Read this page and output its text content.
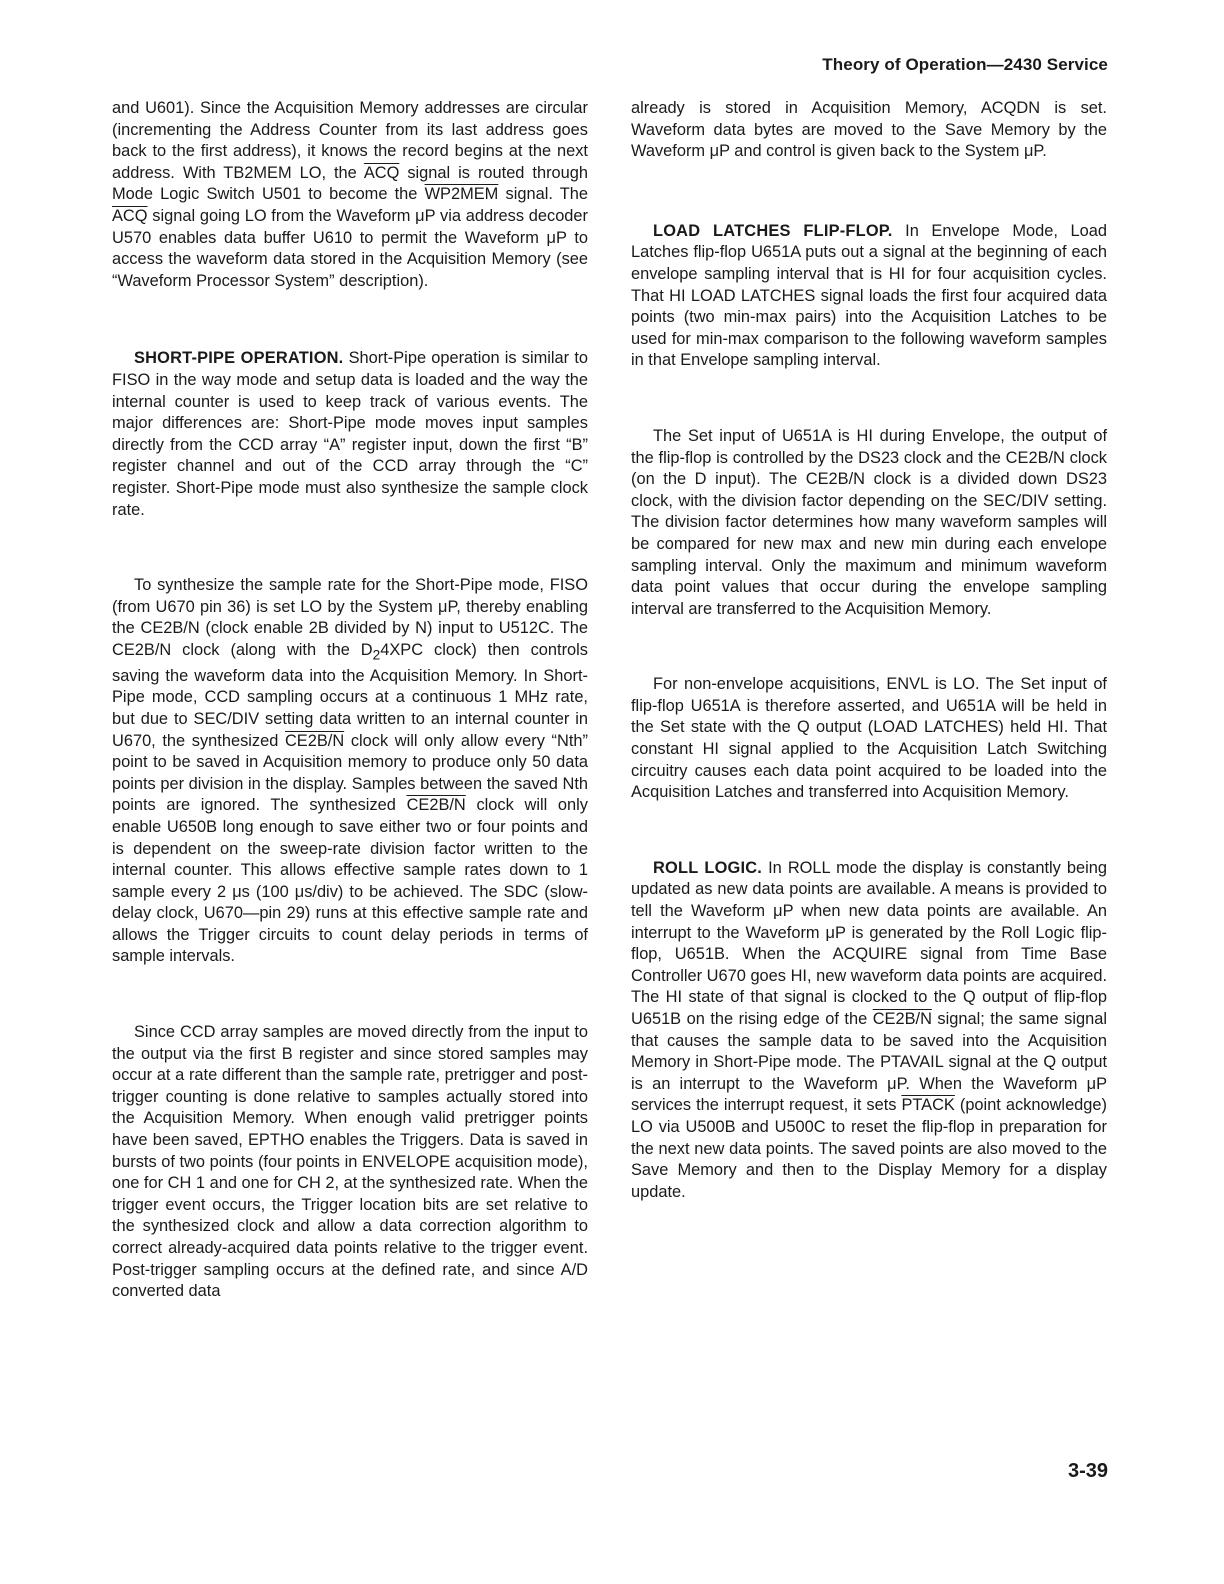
Theory of Operation—2430 Service

and U601). Since the Acquisition Memory addresses are circular (incrementing the Address Counter from its last address goes back to the first address), it knows the record begins at the next address. With TB2MEM LO, the $\overline{ACQ}$ signal is routed through Mode Logic Switch U501 to become the WP2MEM signal. The $\overline{ACQ}$ signal going LO from the Waveform μP via address decoder U570 enables data buffer U610 to permit the Waveform μP to access the waveform data stored in the Acquisition Memory (see “Waveform Processor System” description).

SHORT-PIPE OPERATION. Short-Pipe operation is similar to FISO in the way mode and setup data is loaded and the way the internal counter is used to keep track of various events. The major differences are: Short-Pipe mode moves input samples directly from the CCD array “A” register input, down the first “B” register channel and out of the CCD array through the “C” register. Short-Pipe mode must also synthesize the sample clock rate.

To synthesize the sample rate for the Short-Pipe mode, FISO (from U670 pin 36) is set LO by the System μP, thereby enabling the CE2B/N (clock enable 2B divided by N) input to U512C. The CE2B/N clock (along with the $D_24XPC$ clock) then controls saving the waveform data into the Acquisition Memory. In Short-Pipe mode, CCD sampling occurs at a continuous 1 MHz rate, but due to SEC/DIV setting data written to an internal counter in U670, the synthesized CE2B/N clock will only allow every “Nth” point to be saved in Acquisition memory to produce only 50 data points per division in the display. Samples between the saved Nth points are ignored. The synthesized CE2B/N clock will only enable U650B long enough to save either two or four points and is dependent on the sweep-rate division factor written to the internal counter. This allows effective sample rates down to 1 sample every 2 μs (100 μs/div) to be achieved. The SDC (slow-delay clock, U670—pin 29) runs at this effective sample rate and allows the Trigger circuits to count delay periods in terms of sample intervals.

Since CCD array samples are moved directly from the input to the output via the first B register and since stored samples may occur at a rate different than the sample rate, pretrigger and post-trigger counting is done relative to samples actually stored into the Acquisition Memory. When enough valid pretrigger points have been saved, EPTHO enables the Triggers. Data is saved in bursts of two points (four points in ENVELOPE acquisition mode), one for CH 1 and one for CH 2, at the synthesized rate. When the trigger event occurs, the Trigger location bits are set relative to the synthesized clock and allow a data correction algorithm to correct already-acquired data points relative to the trigger event. Post-trigger sampling occurs at the defined rate, and since A/D converted data

already is stored in Acquisition Memory, ACQDN is set. Waveform data bytes are moved to the Save Memory by the Waveform μP and control is given back to the System μP.

LOAD LATCHES FLIP-FLOP. In Envelope Mode, Load Latches flip-flop U651A puts out a signal at the beginning of each envelope sampling interval that is HI for four acquisition cycles. That HI LOAD LATCHES signal loads the first four acquired data points (two min-max pairs) into the Acquisition Latches to be used for min-max comparison to the following waveform samples in that Envelope sampling interval.

The Set input of U651A is HI during Envelope, the output of the flip-flop is controlled by the DS23 clock and the CE2B/N clock (on the D input). The CE2B/N clock is a divided down DS23 clock, with the division factor depending on the SEC/DIV setting. The division factor determines how many waveform samples will be compared for new max and new min during each envelope sampling interval. Only the maximum and minimum waveform data point values that occur during the envelope sampling interval are transferred to the Acquisition Memory.

For non-envelope acquisitions, ENVL is LO. The Set input of flip-flop U651A is therefore asserted, and U651A will be held in the Set state with the Q output (LOAD LATCHES) held HI. That constant HI signal applied to the Acquisition Latch Switching circuitry causes each data point acquired to be loaded into the Acquisition Latches and transferred into Acquisition Memory.

ROLL LOGIC. In ROLL mode the display is constantly being updated as new data points are available. A means is provided to tell the Waveform μP when new data points are available. An interrupt to the Waveform μP is generated by the Roll Logic flip-flop, U651B. When the ACQUIRE signal from Time Base Controller U670 goes HI, new waveform data points are acquired. The HI state of that signal is clocked to the Q output of flip-flop U651B on the rising edge of the CE2B/N signal; the same signal that causes the sample data to be saved into the Acquisition Memory in Short-Pipe mode. The PTAVAIL signal at the Q output is an interrupt to the Waveform μP. When the Waveform μP services the interrupt request, it sets PTACK (point acknowledge) LO via U500B and U500C to reset the flip-flop in preparation for the next new data points. The saved points are also moved to the Save Memory and then to the Display Memory for a display update.

3-39
